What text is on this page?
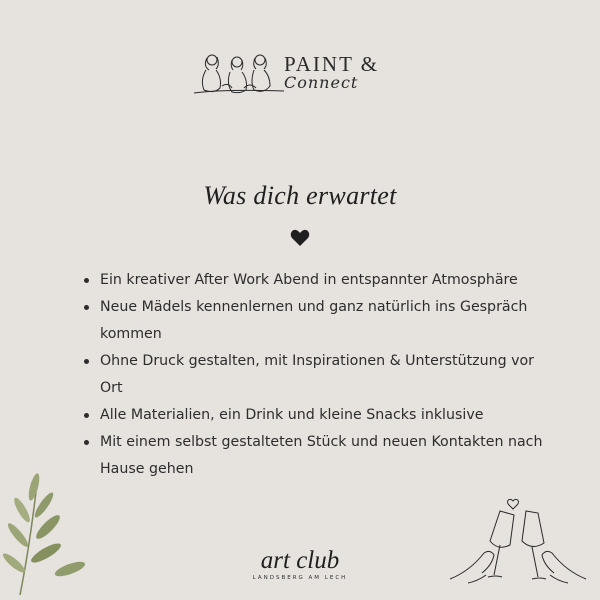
PAINT &
Connect
Was dich erwartet
Ein kreativer After Work Abend in entspannter Atmosphäre
Neue Mädels kennenlernen und ganz natürlich ins Gespräch kommen
Ohne Druck gestalten, mit Inspirationen & Unterstützung vor Ort
Alle Materialien, ein Drink und kleine Snacks inklusive
Mit einem selbst gestalteten Stück und neuen Kontakten nach Hause gehen
art club
LANDSBERG AM LECH
